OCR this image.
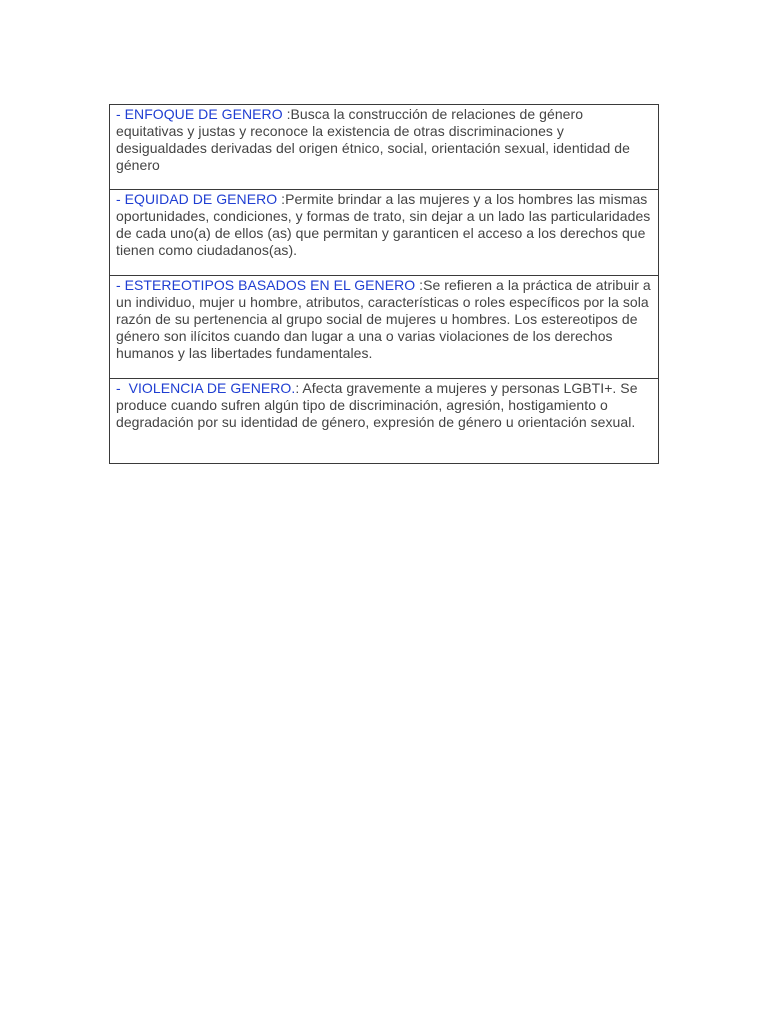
- ENFOQUE DE GENERO :Busca la construcción de relaciones de género equitativas y justas y reconoce la existencia de otras discriminaciones y desigualdades derivadas del origen étnico, social, orientación sexual, identidad de género
- EQUIDAD DE GENERO :Permite brindar a las mujeres y a los hombres las mismas oportunidades, condiciones, y formas de trato, sin dejar a un lado las particularidades de cada uno(a) de ellos (as) que permitan y garanticen el acceso a los derechos que tienen como ciudadanos(as).
- ESTEREOTIPOS BASADOS EN EL GENERO :Se refieren a la práctica de atribuir a un individuo, mujer u hombre, atributos, características o roles específicos por la sola razón de su pertenencia al grupo social de mujeres u hombres. Los estereotipos de género son ilícitos cuando dan lugar a una o varias violaciones de los derechos humanos y las libertades fundamentales.
-  VIOLENCIA DE GENERO.: Afecta gravemente a mujeres y personas LGBTI+. Se produce cuando sufren algún tipo de discriminación, agresión, hostigamiento o degradación por su identidad de género, expresión de género u orientación sexual.
